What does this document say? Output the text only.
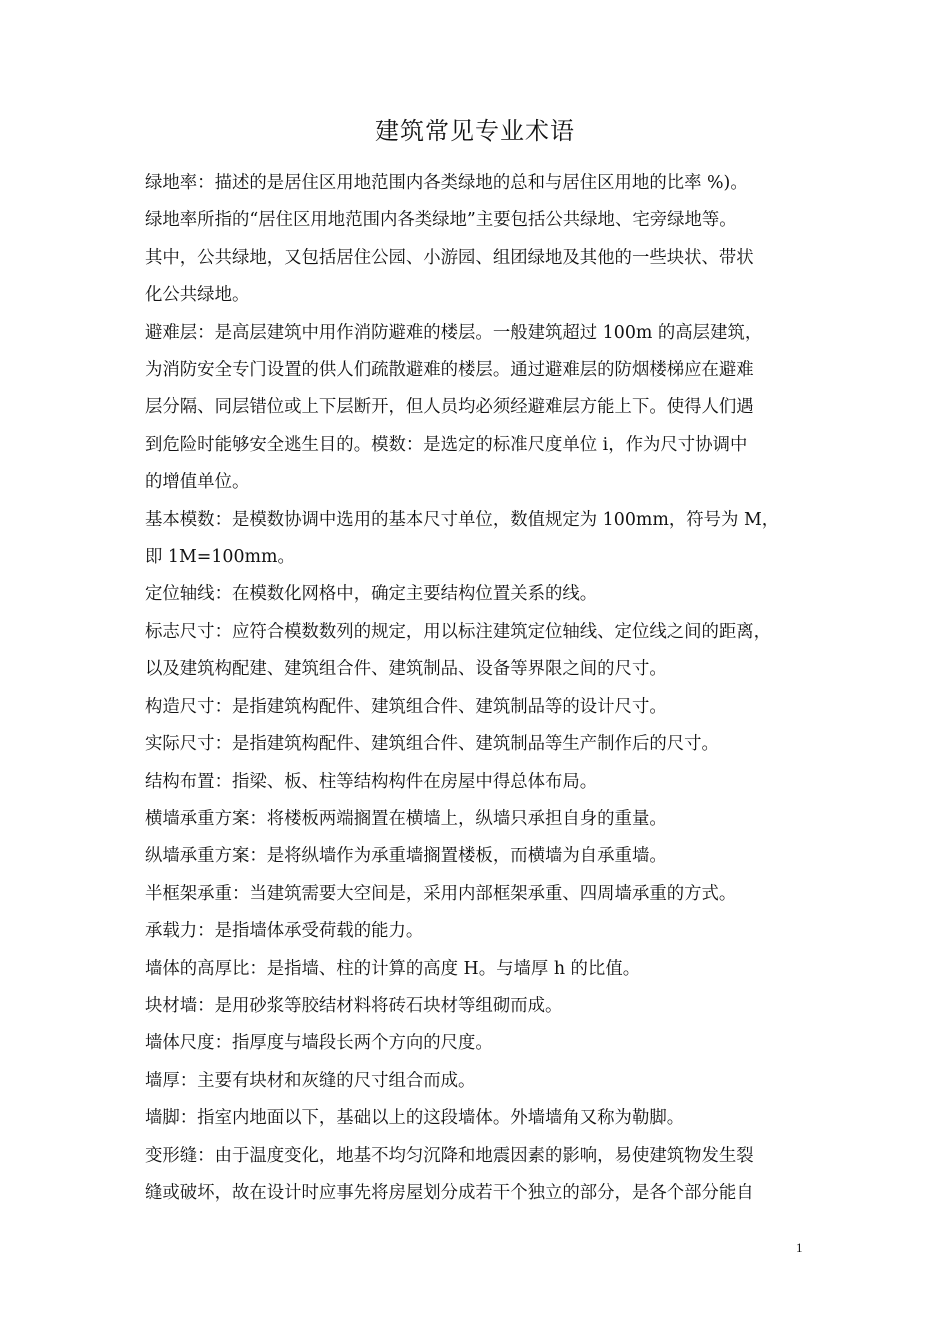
建筑常见专业术语

绿地率：描述的是居住区用地范围内各类绿地的总和与居住区用地的比率 %)。
绿地率所指的“居住区用地范围内各类绿地”主要包括公共绿地、宅旁绿地等。
其中，公共绿地，又包括居住公园、小游园、组团绿地及其他的一些块状、带状
化公共绿地。

避难层：是高层建筑中用作消防避难的楼层。一般建筑超过 100m 的高层建筑，
为消防安全专门设置的供人们疏散避难的楼层。通过避难层的防烟楼梯应在避难
层分隔、同层错位或上下层断开，但人员均必须经避难层方能上下。使得人们遇
到危险时能够安全逃生目的。模数：是选定的标准尺度单位 i，作为尺寸协调中
的增值单位。

基本模数：是模数协调中选用的基本尺寸单位，数值规定为 100mm，符号为 M，
即 1M=100mm。

定位轴线：在模数化网格中，确定主要结构位置关系的线。

标志尺寸：应符合模数数列的规定，用以标注建筑定位轴线、定位线之间的距离，
以及建筑构配建、建筑组合件、建筑制品、设备等界限之间的尺寸。

构造尺寸：是指建筑构配件、建筑组合件、建筑制品等的设计尺寸。

实际尺寸：是指建筑构配件、建筑组合件、建筑制品等生产制作后的尺寸。

结构布置：指梁、板、柱等结构构件在房屋中得总体布局。

横墙承重方案：将楼板两端搁置在横墙上，纵墙只承担自身的重量。

纵墙承重方案：是将纵墙作为承重墙搁置楼板，而横墙为自承重墙。

半框架承重：当建筑需要大空间是，采用内部框架承重、四周墙承重的方式。

承载力：是指墙体承受荷载的能力。

墙体的高厚比：是指墙、柱的计算的高度 H。与墙厚 h 的比值。

块材墙：是用砂浆等胶结材料将砖石块材等组砌而成。

墙体尺度：指厚度与墙段长两个方向的尺度。

墙厚：主要有块材和灰缝的尺寸组合而成。

墙脚：指室内地面以下，基础以上的这段墙体。外墙墙角又称为勒脚。

变形缝：由于温度变化，地基不均匀沉降和地震因素的影响，易使建筑物发生裂
缝或破坏，故在设计时应事先将房屋划分成若干个独立的部分，是各个部分能自

1
